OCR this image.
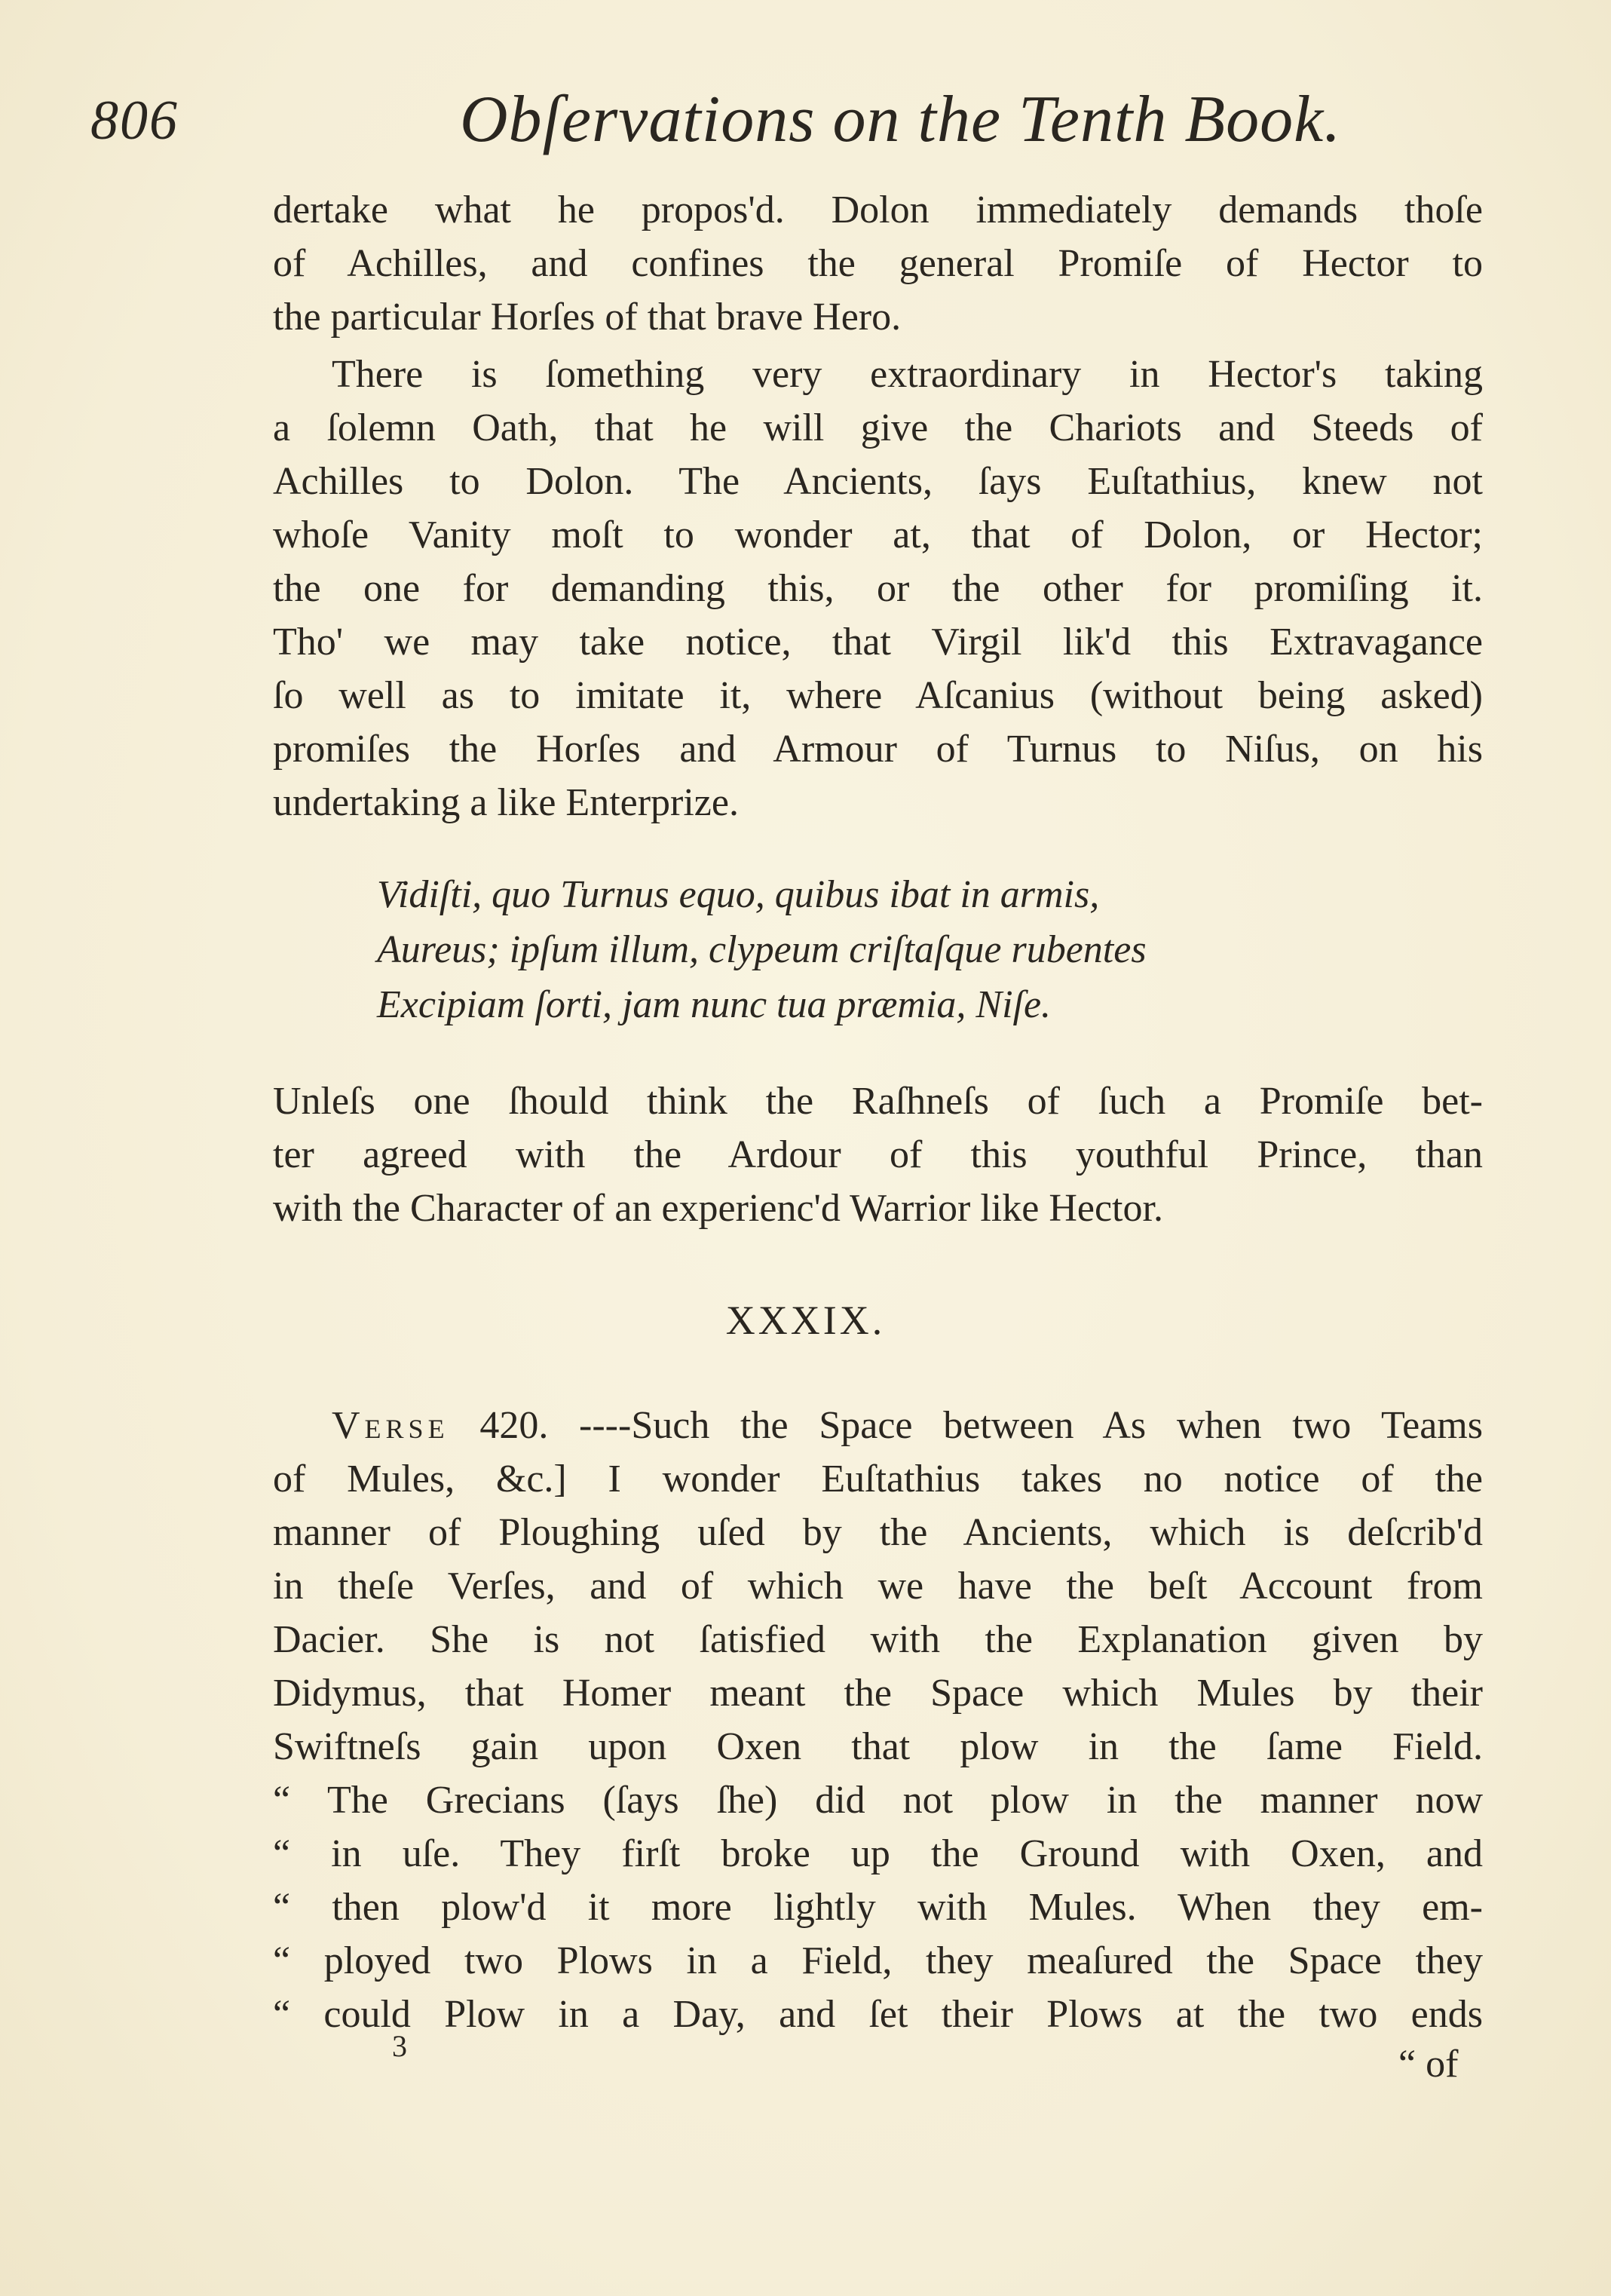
806	Obſervations on the Tenth Book.
dertake what he propos'd. Dolon immediately demands thoſe
of Achilles, and confines the general Promiſe of Hector to
the particular Horſes of that brave Hero.
There is ſomething very extraordinary in Hector's taking
a ſolemn Oath, that he will give the Chariots and Steeds of
Achilles to Dolon. The Ancients, ſays Euſtathius, knew not
whoſe Vanity moſt to wonder at, that of Dolon, or Hector;
the one for demanding this, or the other for promiſing it.
Tho' we may take notice, that Virgil lik'd this Extravagance
ſo well as to imitate it, where Aſcanius (without being asked)
promiſes the Horſes and Armour of Turnus to Niſus, on his
undertaking a like Enterprize.
Vidiſti, quo Turnus equo, quibus ibat in armis,
Aureus; ipſum illum, clypeum criſtaſque rubentes
Excipiam ſorti, jam nunc tua præmia, Niſe.
Unleſs one ſhould think the Raſhneſs of ſuch a Promiſe bet-
ter agreed with the Ardour of this youthful Prince, than
with the Character of an experienc'd Warrior like Hector.
XXXIX.
Verse 420. ----Such the Space between As when two Teams
of Mules, &c.] I wonder Euſtathius takes no notice of the
manner of Ploughing uſed by the Ancients, which is deſcrib'd
in theſe Verſes, and of which we have the beſt Account from
Dacier. She is not ſatisfied with the Explanation given by
Didymus, that Homer meant the Space which Mules by their
Swiftneſs gain upon Oxen that plow in the ſame Field.
“ The Grecians (ſays ſhe) did not plow in the manner now
“ in uſe. They firſt broke up the Ground with Oxen, and
“ then plow'd it more lightly with Mules. When they em-
“ ployed two Plows in a Field, they meaſured the Space they
“ could Plow in a Day, and ſet their Plows at the two ends
3	“ of
